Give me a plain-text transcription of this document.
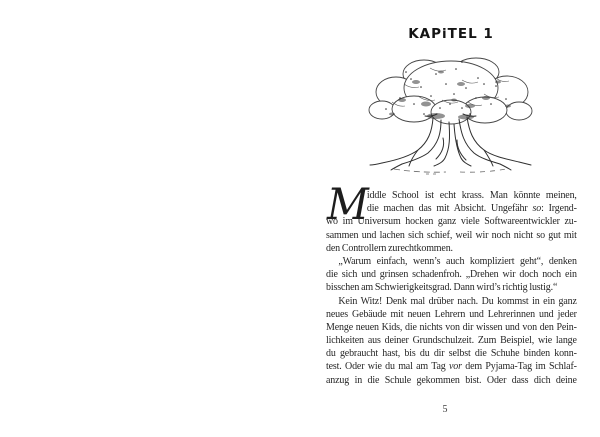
KAPiTEL 1
M
iddle School ist echt krass. Man könnte meinen,
die machen das mit Absicht. Ungefähr so: Irgend-
wo im Universum hocken ganz viele Softwareentwickler zu-
sammen und lachen sich schief, weil wir noch nicht so gut mit
den Controllern zurechtkommen.
„Warum einfach, wenn’s auch kompliziert geht“, denken
die sich und grinsen schadenfroh. „Drehen wir doch noch ein
bisschen am Schwierigkeitsgrad. Dann wird’s richtig lustig.“
Kein Witz! Denk mal drüber nach. Du kommst in ein ganz
neues Gebäude mit neuen Lehrern und Lehrerinnen und jeder
Menge neuen Kids, die nichts von dir wissen und von den Pein-
lichkeiten aus deiner Grundschulzeit. Zum Beispiel, wie lange
du gebraucht hast, bis du dir selbst die Schuhe binden konn-
test. Oder wie du mal am Tag vor dem Pyjama-Tag im Schlaf-
anzug in die Schule gekommen bist. Oder dass dich deine
5
